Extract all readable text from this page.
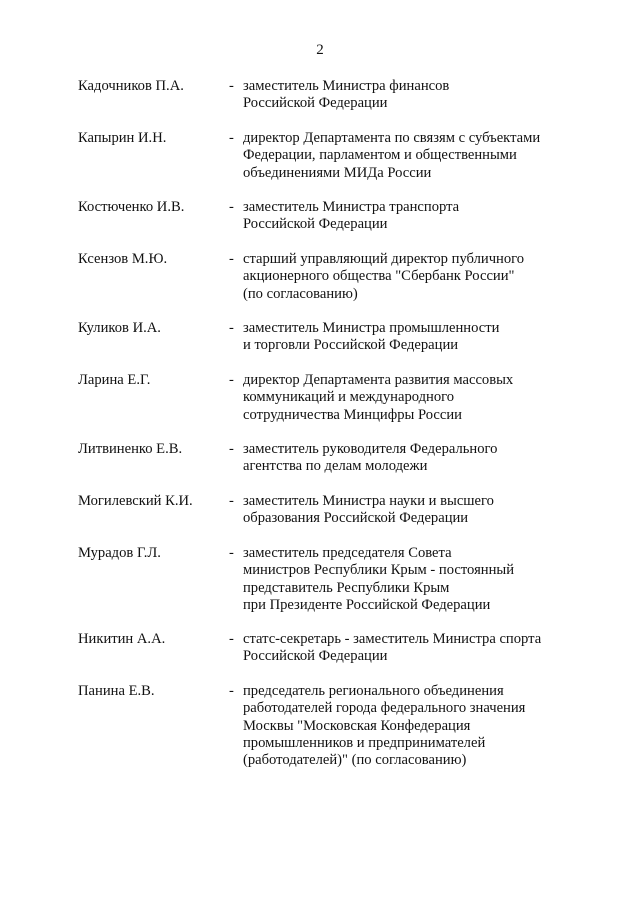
2
Кадочников П.А.	- заместитель Министра финансов
Российской Федерации
Капырин И.Н.	- директор Департамента по связям с субъектами
Федерации, парламентом и общественными
объединениями МИДа России
Костюченко И.В.	- заместитель Министра транспорта
Российской Федерации
Ксензов М.Ю.	- старший управляющий директор публичного
акционерного общества "Сбербанк России"
(по согласованию)
Куликов И.А.	- заместитель Министра промышленности
и торговли Российской Федерации
Ларина Е.Г.	- директор Департамента развития массовых
коммуникаций и международного
сотрудничества Минцифры России
Литвиненко Е.В.	- заместитель руководителя Федерального
агентства по делам молодежи
Могилевский К.И. - заместитель Министра науки и высшего
образования Российской Федерации
Мурадов Г.Л.	- заместитель председателя Совета
министров Республики Крым - постоянный
представитель Республики Крым
при Президенте Российской Федерации
Никитин А.А.	- статс-секретарь - заместитель Министра спорта
Российской Федерации
Панина Е.В.	- председатель регионального объединения
работодателей города федерального значения
Москвы "Московская Конфедерация
промышленников и предпринимателей
(работодателей)" (по согласованию)
